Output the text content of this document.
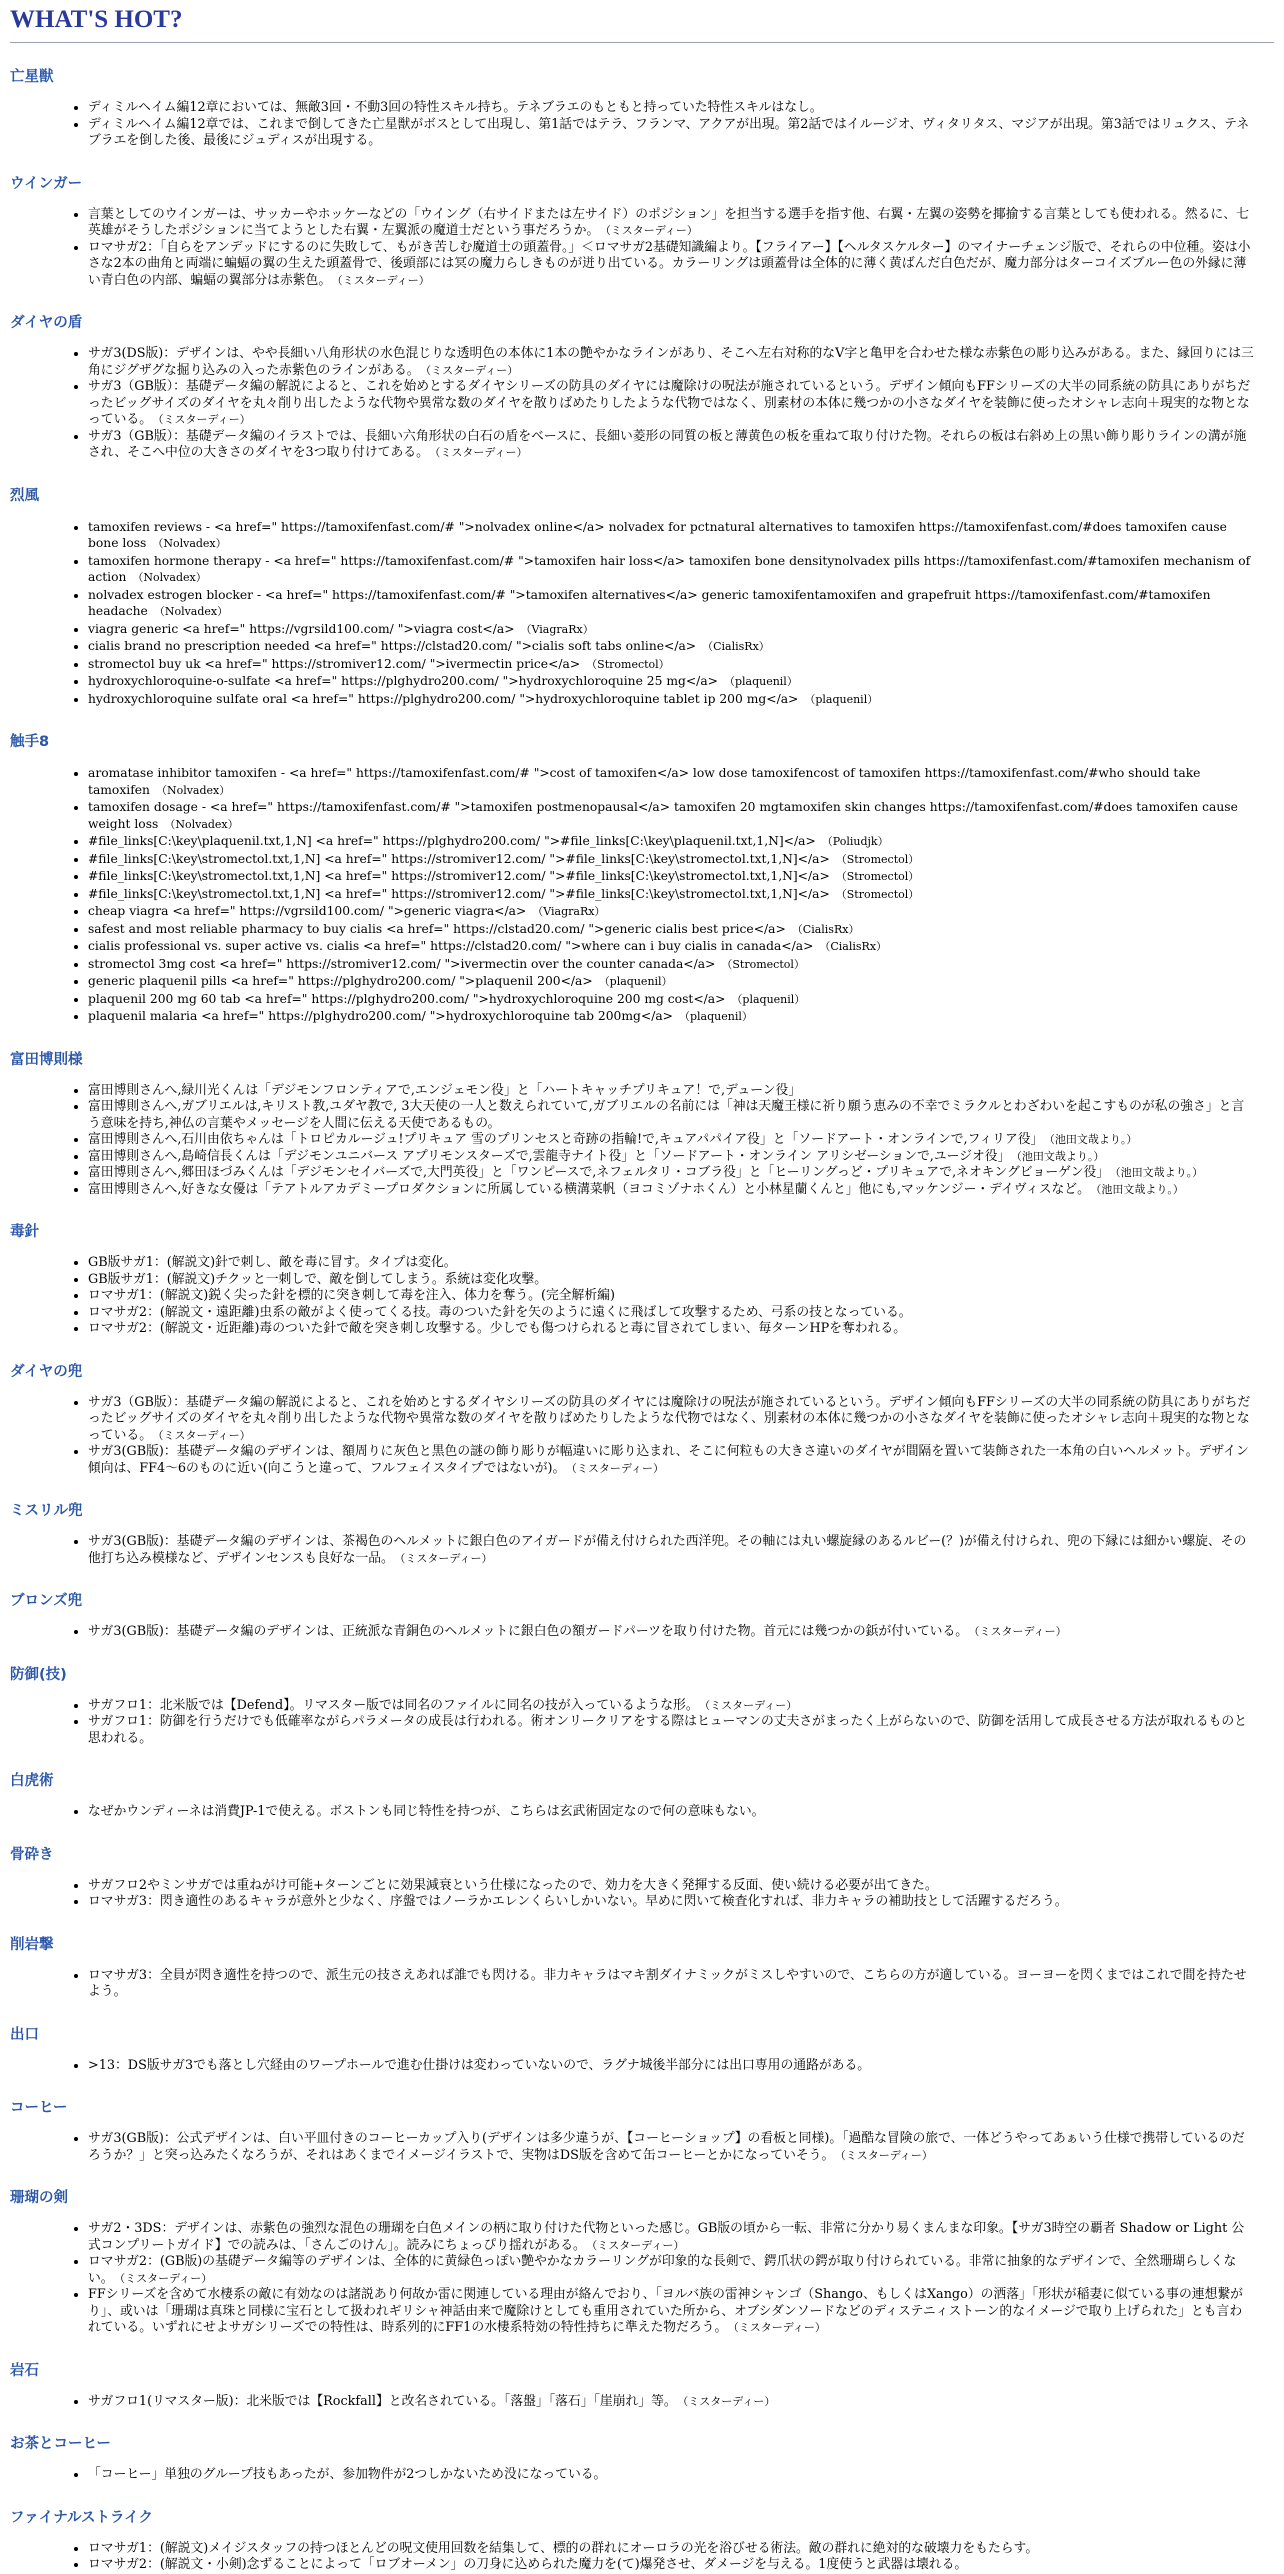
WHAT'S HOT?
亡星獣
• ディミルヘイム編12章においては、無敵3回・不動3回の特性スキル持ち。テネブラエのもともと持っていた特性スキルはなし。
• ディミルヘイム編12章では、これまで倒してきた亡星獣がボスとして出現し、第1話ではテラ、フランマ、アクアが出現。第2話ではイルージオ、ヴィタリタス、マジアが出現。第3話ではリュクス、テネブラエを倒した後、最後にジュディスが出現する。
ウインガー
• 言葉としてのウインガーは、サッカーやホッケーなどの「ウイング（右サイドまたは左サイド）のポジション」を担当する選手を指す他、右翼・左翼の姿勢を揶揄する言葉としても使われる。然るに、七英雄がそうしたポジションに当てようとした右翼・左翼派の魔道士だという事だろうか。 （ミスターディー）
• ロマサガ2：「自らをアンデッドにするのに失敗して、もがき苦しむ魔道士の頭蓋骨。」＜ロマサガ2基礎知識編より。【フライアー】【ヘルタスケルター】のマイナーチェンジ版で、それらの中位種。姿は小さな2本の曲角と両端に蝙蝠の翼の生えた頭蓋骨で、後頭部には冥の魔力らしきものが迸り出ている。カラーリングは頭蓋骨は全体的に薄く黄ばんだ白色だが、魔力部分はターコイズブルー色の外縁に薄い青白色の内部、蝙蝠の翼部分は赤紫色。 （ミスターディー）
ダイヤの盾
• サガ3(DS版)：デザインは、やや長細い八角形状の水色混じりな透明色の本体に1本の艶やかなラインがあり、そこへ左右対称的なV字と亀甲を合わせた様な赤紫色の彫り込みがある。また、縁回りには三角にジグザグな掘り込みの入った赤紫色のラインがある。 （ミスターディー）
• サガ3（GB版）：基礎データ編の解説によると、これを始めとするダイヤシリーズの防具のダイヤには魔除けの呪法が施されているという。デザイン傾向もFFシリーズの大半の同系統の防具にありがちだったビッグサイズのダイヤを丸々削り出したような代物や異常な数のダイヤを散りばめたりしたような代物ではなく、別素材の本体に幾つかの小さなダイヤを装飾に使ったオシャレ志向＋現実的な物となっている。 （ミスターディー）
• サガ3（GB版）：基礎データ編のイラストでは、長細い六角形状の白石の盾をベースに、長細い菱形の同質の板と薄黄色の板を重ねて取り付けた物。それらの板は右斜め上の黒い飾り彫りラインの溝が施され、そこへ中位の大きさのダイヤを3つ取り付けてある。 （ミスターディー）
烈風
• tamoxifen reviews - <a href=" https://tamoxifenfast.com/# ">nolvadex online</a> nolvadex for pctnatural alternatives to tamoxifen https://tamoxifenfast.com/#does tamoxifen cause bone loss （Nolvadex）
• tamoxifen hormone therapy - <a href=" https://tamoxifenfast.com/# ">tamoxifen hair loss</a> tamoxifen bone densitynolvadex pills https://tamoxifenfast.com/#tamoxifen mechanism of action （Nolvadex）
• nolvadex estrogen blocker - <a href=" https://tamoxifenfast.com/# ">tamoxifen alternatives</a> generic tamoxifentamoxifen and grapefruit https://tamoxifenfast.com/#tamoxifen headache （Nolvadex）
• viagra generic <a href=" https://vgrsild100.com/ ">viagra cost</a> （ViagraRx）
• cialis brand no prescription needed <a href=" https://clstad20.com/ ">cialis soft tabs online</a> （CialisRx）
• stromectol buy uk <a href=" https://stromiver12.com/ ">ivermectin price</a> （Stromectol）
• hydroxychloroquine-o-sulfate <a href=" https://plghydro200.com/ ">hydroxychloroquine 25 mg</a> （plaquenil）
• hydroxychloroquine sulfate oral <a href=" https://plghydro200.com/ ">hydroxychloroquine tablet ip 200 mg</a> （plaquenil）
触手8
• aromatase inhibitor tamoxifen - <a href=" https://tamoxifenfast.com/# ">cost of tamoxifen</a> low dose tamoxifencost of tamoxifen https://tamoxifenfast.com/#who should take tamoxifen （Nolvadex）
• tamoxifen dosage - <a href=" https://tamoxifenfast.com/# ">tamoxifen postmenopausal</a> tamoxifen 20 mgtamoxifen skin changes https://tamoxifenfast.com/#does tamoxifen cause weight loss （Nolvadex）
• #file_links[C:\key\plaquenil.txt,1,N] <a href=" https://plghydro200.com/ ">#file_links[C:\key\plaquenil.txt,1,N]</a> （Poliudjk）
• #file_links[C:\key\stromectol.txt,1,N] <a href=" https://stromiver12.com/ ">#file_links[C:\key\stromectol.txt,1,N]</a> （Stromectol）
• #file_links[C:\key\stromectol.txt,1,N] <a href=" https://stromiver12.com/ ">#file_links[C:\key\stromectol.txt,1,N]</a> （Stromectol）
• #file_links[C:\key\stromectol.txt,1,N] <a href=" https://stromiver12.com/ ">#file_links[C:\key\stromectol.txt,1,N]</a> （Stromectol）
• cheap viagra <a href=" https://vgrsild100.com/ ">generic viagra</a> （ViagraRx）
• safest and most reliable pharmacy to buy cialis <a href=" https://clstad20.com/ ">generic cialis best price</a> （CialisRx）
• cialis professional vs. super active vs. cialis <a href=" https://clstad20.com/ ">where can i buy cialis in canada</a> （CialisRx）
• stromectol 3mg cost <a href=" https://stromiver12.com/ ">ivermectin over the counter canada</a> （Stromectol）
• generic plaquenil pills <a href=" https://plghydro200.com/ ">plaquenil 200</a> （plaquenil）
• plaquenil 200 mg 60 tab <a href=" https://plghydro200.com/ ">hydroxychloroquine 200 mg cost</a> （plaquenil）
• plaquenil malaria <a href=" https://plghydro200.com/ ">hydroxychloroquine tab 200mg</a> （plaquenil）
富田博則様
• 富田博則さんへ,緑川光くんは「デジモンフロンティアで,エンジェモン役」と「ハートキャッチプリキュア！で,デューン役」
• 富田博則さんへ,ガブリエルは,キリスト教,ユダヤ教で, 3大天使の一人と数えられていて,ガブリエルの名前には「神は天魔王様に祈り願う恵みの不幸でミラクルとわざわいを起こすものが私の強さ」と言う意味を持ち,神仏の言葉やメッセージを人間に伝える天使であるもの。
• 富田博則さんへ,石川由依ちゃんは「トロピカルージュ!プリキュア 雪のプリンセスと奇跡の指輪!で,キュアパパイア役」と「ソードアート・オンラインで,フィリア役」 （池田文哉より。）
• 富田博則さんへ,島崎信長くんは「デジモンユニバース アプリモンスターズで,雲龍寺ナイト役」と「ソードアート・オンライン アリシゼーションで,ユージオ役」 （池田文哉より。）
• 富田博則さんへ,郷田ほづみくんは「デジモンセイバーズで,大門英役」と「ワンピースで,ネフェルタリ・コブラ役」と「ヒーリングっど・プリキュアで,ネオキングビョーゲン役」 （池田文哉より。）
• 富田博則さんへ,好きな女優は「テアトルアカデミープロダクションに所属している横溝菜帆（ヨコミゾナホくん）と小林星蘭くんと」他にも,マッケンジー・デイヴィスなど。 （池田文哉より。）
毒針
• GB版サガ1：(解説文)針で刺し、敵を毒に冒す。タイプは変化。
• GB版サガ1：(解説文)チクッと一刺しで、敵を倒してしまう。系統は変化攻撃。
• ロマサガ1：(解説文)鋭く尖った針を標的に突き刺して毒を注入、体力を奪う。(完全解析編)
• ロマサガ2：(解説文・遠距離)虫系の敵がよく使ってくる技。毒のついた針を矢のように遠くに飛ばして攻撃するため、弓系の技となっている。
• ロマサガ2：(解説文・近距離)毒のついた針で敵を突き刺し攻撃する。少しでも傷つけられると毒に冒されてしまい、毎ターンHPを奪われる。
ダイヤの兜
• サガ3（GB版）：基礎データ編の解説によると、これを始めとするダイヤシリーズの防具のダイヤには魔除けの呪法が施されているという。デザイン傾向もFFシリーズの大半の同系統の防具にありがちだったビッグサイズのダイヤを丸々削り出したような代物や異常な数のダイヤを散りばめたりしたような代物ではなく、別素材の本体に幾つかの小さなダイヤを装飾に使ったオシャレ志向＋現実的な物となっている。 （ミスターディー）
• サガ3(GB版)：基礎データ編のデザインは、額周りに灰色と黒色の謎の飾り彫りが幅違いに彫り込まれ、そこに何粒もの大きさ違いのダイヤが間隔を置いて装飾された一本角の白いヘルメット。デザイン傾向は、FF4～6のものに近い(向こうと違って、フルフェイスタイプではないが)。 （ミスターディー）
ミスリル兜
• サガ3(GB版)：基礎データ編のデザインは、茶褐色のヘルメットに銀白色のアイガードが備え付けられた西洋兜。その軸には丸い螺旋縁のあるルビー(？)が備え付けられ、兜の下縁には細かい螺旋、その他打ち込み模様など、デザインセンスも良好な一品。 （ミスターディー）
ブロンズ兜
• サガ3(GB版)：基礎データ編のデザインは、正統派な青銅色のヘルメットに銀白色の額ガードパーツを取り付けた物。首元には幾つかの鋲が付いている。 （ミスターディー）
防御(技)
• サガフロ1：北米版では【Defend】。リマスター版では同名のファイルに同名の技が入っているような形。 （ミスターディー）
• サガフロ1：防御を行うだけでも低確率ながらパラメータの成長は行われる。術オンリークリアをする際はヒューマンの丈夫さがまったく上がらないので、防御を活用して成長させる方法が取れるものと思われる。
白虎術
• なぜかウンディーネは消費JP-1で使える。ボストンも同じ特性を持つが、こちらは玄武術固定なので何の意味もない。
骨砕き
• サガフロ2やミンサガでは重ねがけ可能+ターンごとに効果減衰という仕様になったので、効力を大きく発揮する反面、使い続ける必要が出てきた。
• ロマサガ3：閃き適性のあるキャラが意外と少なく、序盤ではノーラかエレンくらいしかいない。早めに閃いて検査化すれば、非力キャラの補助技として活躍するだろう。
削岩撃
• ロマサガ3：全員が閃き適性を持つので、派生元の技さえあれば誰でも閃ける。非力キャラはマキ割ダイナミックがミスしやすいので、こちらの方が適している。ヨーヨーを閃くまではこれで間を持たせよう。
出口
• >13：DS版サガ3でも落とし穴経由のワープホールで進む仕掛けは変わっていないので、ラグナ城後半部分には出口専用の通路がある。
コーヒー
• サガ3(GB版)：公式デザインは、白い平皿付きのコーヒーカップ入り(デザインは多少違うが、【コーヒーショップ】の看板と同様)。「過酷な冒険の旅で、一体どうやってあぁいう仕様で携帯しているのだろうか？」と突っ込みたくなろうが、それはあくまでイメージイラストで、実物はDS版を含めて缶コーヒーとかになっていそう。 （ミスターディー）
珊瑚の剣
• サガ2・3DS：デザインは、赤紫色の強烈な混色の珊瑚を白色メインの柄に取り付けた代物といった感じ。GB版の頃から一転、非常に分かり易くまんまな印象。【サガ3時空の覇者 Shadow or Light 公式コンプリートガイド】での読みは、「さんごのけん」。読みにちょっぴり揺れがある。 （ミスターディー）
• ロマサガ2：(GB版)の基礎データ編等のデザインは、全体的に黄緑色っぽい艶やかなカラーリングが印象的な長剣で、鍔爪状の鍔が取り付けられている。非常に抽象的なデザインで、全然珊瑚らしくない。 （ミスターディー）
• FFシリーズを含めて水棲系の敵に有効なのは諸説あり何故か雷に関連している理由が絡んでおり、「ヨルバ族の雷神シャンゴ（Shango、もしくはXango）の洒落」「形状が稲妻に似ている事の連想繋がり」、或いは「珊瑚は真珠と同様に宝石として扱われギリシャ神話由来で魔除けとしても重用されていた所から、オブシダンソードなどのディステニィストーン的なイメージで取り上げられた」とも言われている。いずれにせよサガシリーズでの特性は、時系列的にFF1の水棲系特効の特性持ちに準えた物だろう。 （ミスターディー）
岩石
• サガフロ1(リマスター版)：北米版では【Rockfall】と改名されている。「落盤」「落石」「崖崩れ」等。 （ミスターディー）
お茶とコーヒー
• 「コーヒー」単独のグループ技もあったが、参加物件が2つしかないため没になっている。
ファイナルストライク
• ロマサガ1：(解説文)メイジスタッフの持つほとんどの呪文使用回数を結集して、標的の群れにオーロラの光を浴びせる術法。敵の群れに絶対的な破壊力をもたらす。
• ロマサガ2：(解説文・小剣)念ずることによって「ロブオーメン」の刀身に込められた魔力を(て)爆発させ、ダメージを与える。1度使うと武器は壊れる。
